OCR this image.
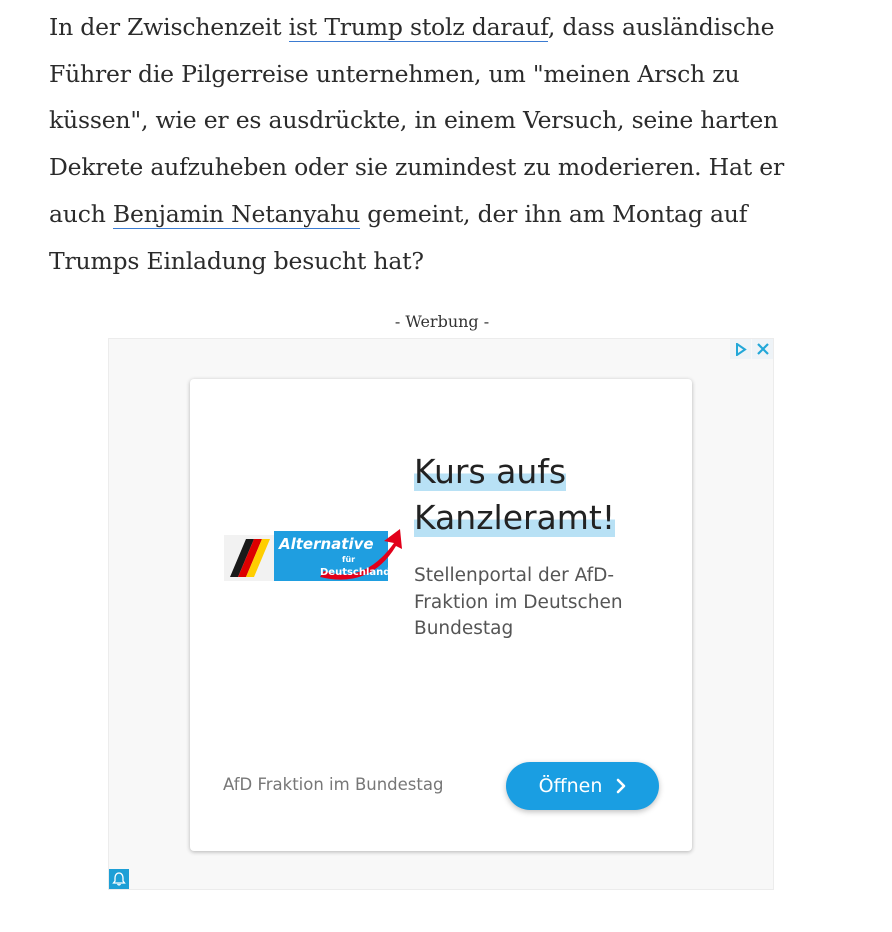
In der Zwischenzeit ist Trump stolz darauf, dass ausländische Führer die Pilgerreise unternehmen, um "meinen Arsch zu küssen", wie er es ausdrückte, in einem Versuch, seine harten Dekrete aufzuheben oder sie zumindest zu moderieren. Hat er auch Benjamin Netanyahu gemeint, der ihn am Montag auf Trumps Einladung besucht hat?

- Werbung -
Alternative
für
Deutschland
Kurs aufs
Kanzleramt!
Stellenportal der AfD-Fraktion im Deutschen Bundestag
AfD Fraktion im Bundestag	Öffnen
